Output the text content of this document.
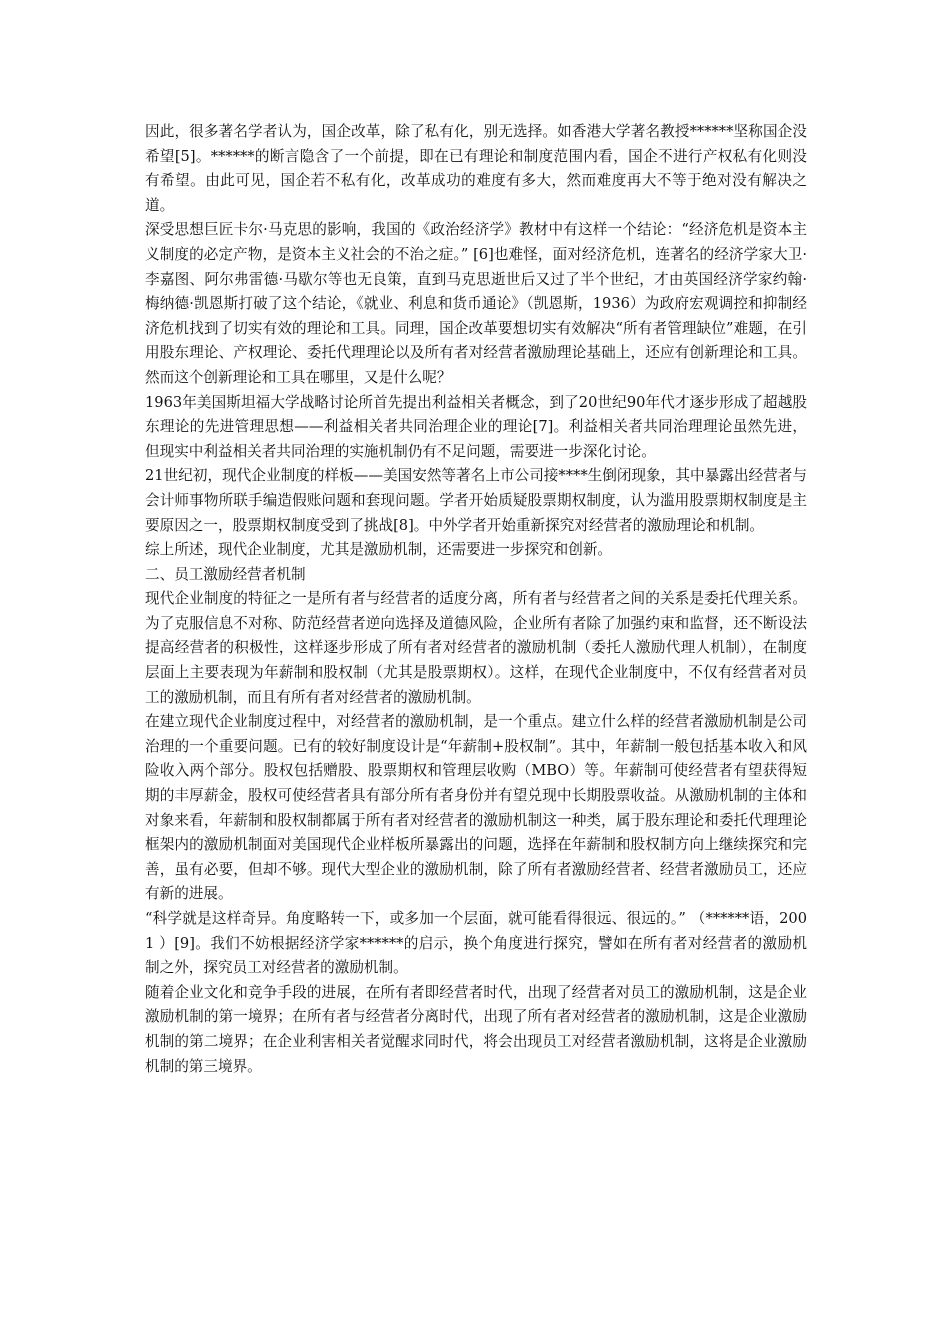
因此，很多著名学者认为，国企改革，除了私有化，别无选择。如香港大学著名教授******坚称国企没希望[5]。******的断言隐含了一个前提，即在已有理论和制度范围内看，国企不进行产权私有化则没有希望。由此可见，国企若不私有化，改革成功的难度有多大，然而难度再大不等于绝对没有解决之道。

深受思想巨匠卡尔·马克思的影响，我国的《政治经济学》教材中有这样一个结论：“经济危机是资本主义制度的必定产物，是资本主义社会的不治之症。” [6]也难怪，面对经济危机，连著名的经济学家大卫·李嘉图、阿尔弗雷德·马歇尔等也无良策，直到马克思逝世后又过了半个世纪，才由英国经济学家约翰·梅纳德·凯恩斯打破了这个结论，《就业、利息和货币通论》（凯恩斯，1936）为政府宏观调控和抑制经济危机找到了切实有效的理论和工具。同理，国企改革要想切实有效解决“所有者管理缺位”难题，在引用股东理论、产权理论、委托代理理论以及所有者对经营者激励理论基础上，还应有创新理论和工具。然而这个创新理论和工具在哪里，又是什么呢？

1963年美国斯坦福大学战略讨论所首先提出利益相关者概念，到了20世纪90年代才逐步形成了超越股东理论的先进管理思想——利益相关者共同治理企业的理论[7]。利益相关者共同治理理论虽然先进，但现实中利益相关者共同治理的实施机制仍有不足问题，需要进一步深化讨论。

21世纪初，现代企业制度的样板——美国安然等著名上市公司接****生倒闭现象，其中暴露出经营者与会计师事物所联手编造假账问题和套现问题。学者开始质疑股票期权制度，认为滥用股票期权制度是主要原因之一，股票期权制度受到了挑战[8]。中外学者开始重新探究对经营者的激励理论和机制。

综上所述，现代企业制度，尤其是激励机制，还需要进一步探究和创新。

二、员工激励经营者机制

现代企业制度的特征之一是所有者与经营者的适度分离，所有者与经营者之间的关系是委托代理关系。为了克服信息不对称、防范经营者逆向选择及道德风险，企业所有者除了加强约束和监督，还不断设法提高经营者的积极性，这样逐步形成了所有者对经营者的激励机制（委托人激励代理人机制），在制度层面上主要表现为年薪制和股权制（尤其是股票期权）。这样，在现代企业制度中，不仅有经营者对员工的激励机制，而且有所有者对经营者的激励机制。

在建立现代企业制度过程中，对经营者的激励机制，是一个重点。建立什么样的经营者激励机制是公司治理的一个重要问题。已有的较好制度设计是“年薪制+股权制”。其中，年薪制一般包括基本收入和风险收入两个部分。股权包括赠股、股票期权和管理层收购（MBO）等。年薪制可使经营者有望获得短期的丰厚薪金，股权可使经营者具有部分所有者身份并有望兑现中长期股票收益。从激励机制的主体和对象来看，年薪制和股权制都属于所有者对经营者的激励机制这一种类，属于股东理论和委托代理理论框架内的激励机制面对美国现代企业样板所暴露出的问题，选择在年薪制和股权制方向上继续探究和完善，虽有必要，但却不够。现代大型企业的激励机制，除了所有者激励经营者、经营者激励员工，还应有新的进展。

“科学就是这样奇异。角度略转一下，或多加一个层面，就可能看得很远、很远的。” （******语，2001 ）[9]。我们不妨根据经济学家******的启示，换个角度进行探究，譬如在所有者对经营者的激励机制之外，探究员工对经营者的激励机制。

随着企业文化和竞争手段的进展，在所有者即经营者时代，出现了经营者对员工的激励机制，这是企业激励机制的第一境界；在所有者与经营者分离时代，出现了所有者对经营者的激励机制，这是企业激励机制的第二境界；在企业利害相关者觉醒求同时代，将会出现员工对经营者激励机制，这将是企业激励机制的第三境界。
